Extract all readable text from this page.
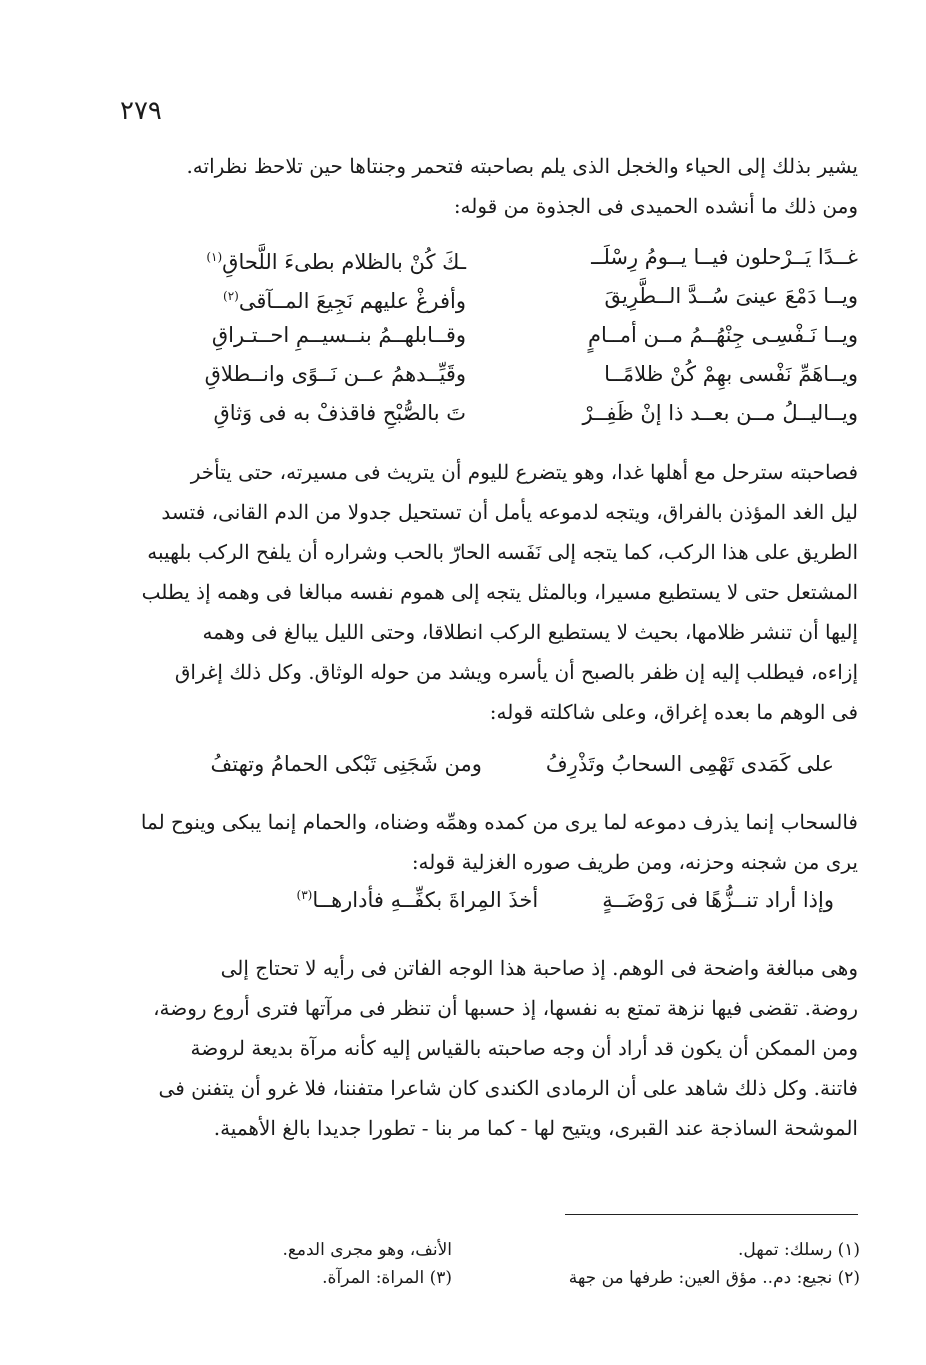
٢٧٩
يشير بذلك إلى الحياء والخجل الذى يلم بصاحبته فتحمر وجنتاها حين تلاحظ نظراته.
ومن ذلك ما أنشده الحميدى فى الجذوة من قوله:
غــدًا يَــرْحلون فيــا يــومُ رِسْلَــ
ـكَ كُنْ بالظلام بطىءَ اللَّحاقِ$^{(١)}$
ويــا دَمْعَ عينىَ سُــدَّ الــطَّرِيقَ
وأفرغْ عليهم نَجِيعَ المــآقى$^{(٢)}$
ويــا نَـفْسِـى جِنْهُــمُ مــن أمــامٍ
وقــابلهــمُ بنــسيــمِ احــتـراقِ
ويــاهَمِّ نَفْسى بهِمْ كُنْ ظلامًــا
وقَيِّــدهمُ عــن نَــوًى وانــطلاقِ
ويــاليــلُ مــن بعــد ذا إنْ ظَفِــرْ
تَ بالصُّبْحِ فاقذفْ به فى وَثاقِ
فصاحبته سترحل مع أهلها غدا، وهو يتضرع لليوم أن يتريث فى مسيرته، حتى يتأخر
ليل الغد المؤذن بالفراق، ويتجه لدموعه يأمل أن تستحيل جدولا من الدم القانى، فتسد
الطريق على هذا الركب، كما يتجه إلى نَفَسه الحارّ بالحب وشراره أن يلفح الركب بلهيبه
المشتعل حتى لا يستطيع مسيرا، وبالمثل يتجه إلى هموم نفسه مبالغا فى وهمه إذ يطلب
إليها أن تنشر ظلامها، بحيث لا يستطيع الركب انطلاقا، وحتى الليل يبالغ فى وهمه
إزاءه، فيطلب إليه إن ظفر بالصبح أن يأسره ويشد من حوله الوثاق. وكل ذلك إغراق
فى الوهم ما بعده إغراق، وعلى شاكلته قوله:
على كَمَدى تَهْمِى السحابُ وتَذْرِفُ
ومن شَجَنِى تَبْكى الحمامُ وتهتفُ
فالسحاب إنما يذرف دموعه لما يرى من كمده وهمِّه وضناه، والحمام إنما يبكى وينوح لما
يرى من شجنه وحزنه، ومن طريف صوره الغزلية قوله:
وإذا أراد تنــزُّهًا فى رَوْضَــةٍ
أخذَ المِراةَ بكفِّــهِ فأدارهــا$^{(٣)}$
وهى مبالغة واضحة فى الوهم. إذ صاحبة هذا الوجه الفاتن فى رأيه لا تحتاج إلى
روضة. تقضى فيها نزهة تمتع به نفسها، إذ حسبها أن تنظر فى مرآتها فترى أروع روضة،
ومن الممكن أن يكون قد أراد أن وجه صاحبته بالقياس إليه كأنه مرآة بديعة لروضة
فاتنة. وكل ذلك شاهد على أن الرمادى الكندى كان شاعرا متفننا، فلا غرو أن يتفنن فى
الموشحة الساذجة عند القبرى، ويتيح لها - كما مر بنا - تطورا جديدا بالغ الأهمية.
(١) رسلك: تمهل.
(٢) نجيع: دم.. مؤق العين: طرفها من جهة
الأنف، وهو مجرى الدمع.
(٣) المراة: المرآة.
